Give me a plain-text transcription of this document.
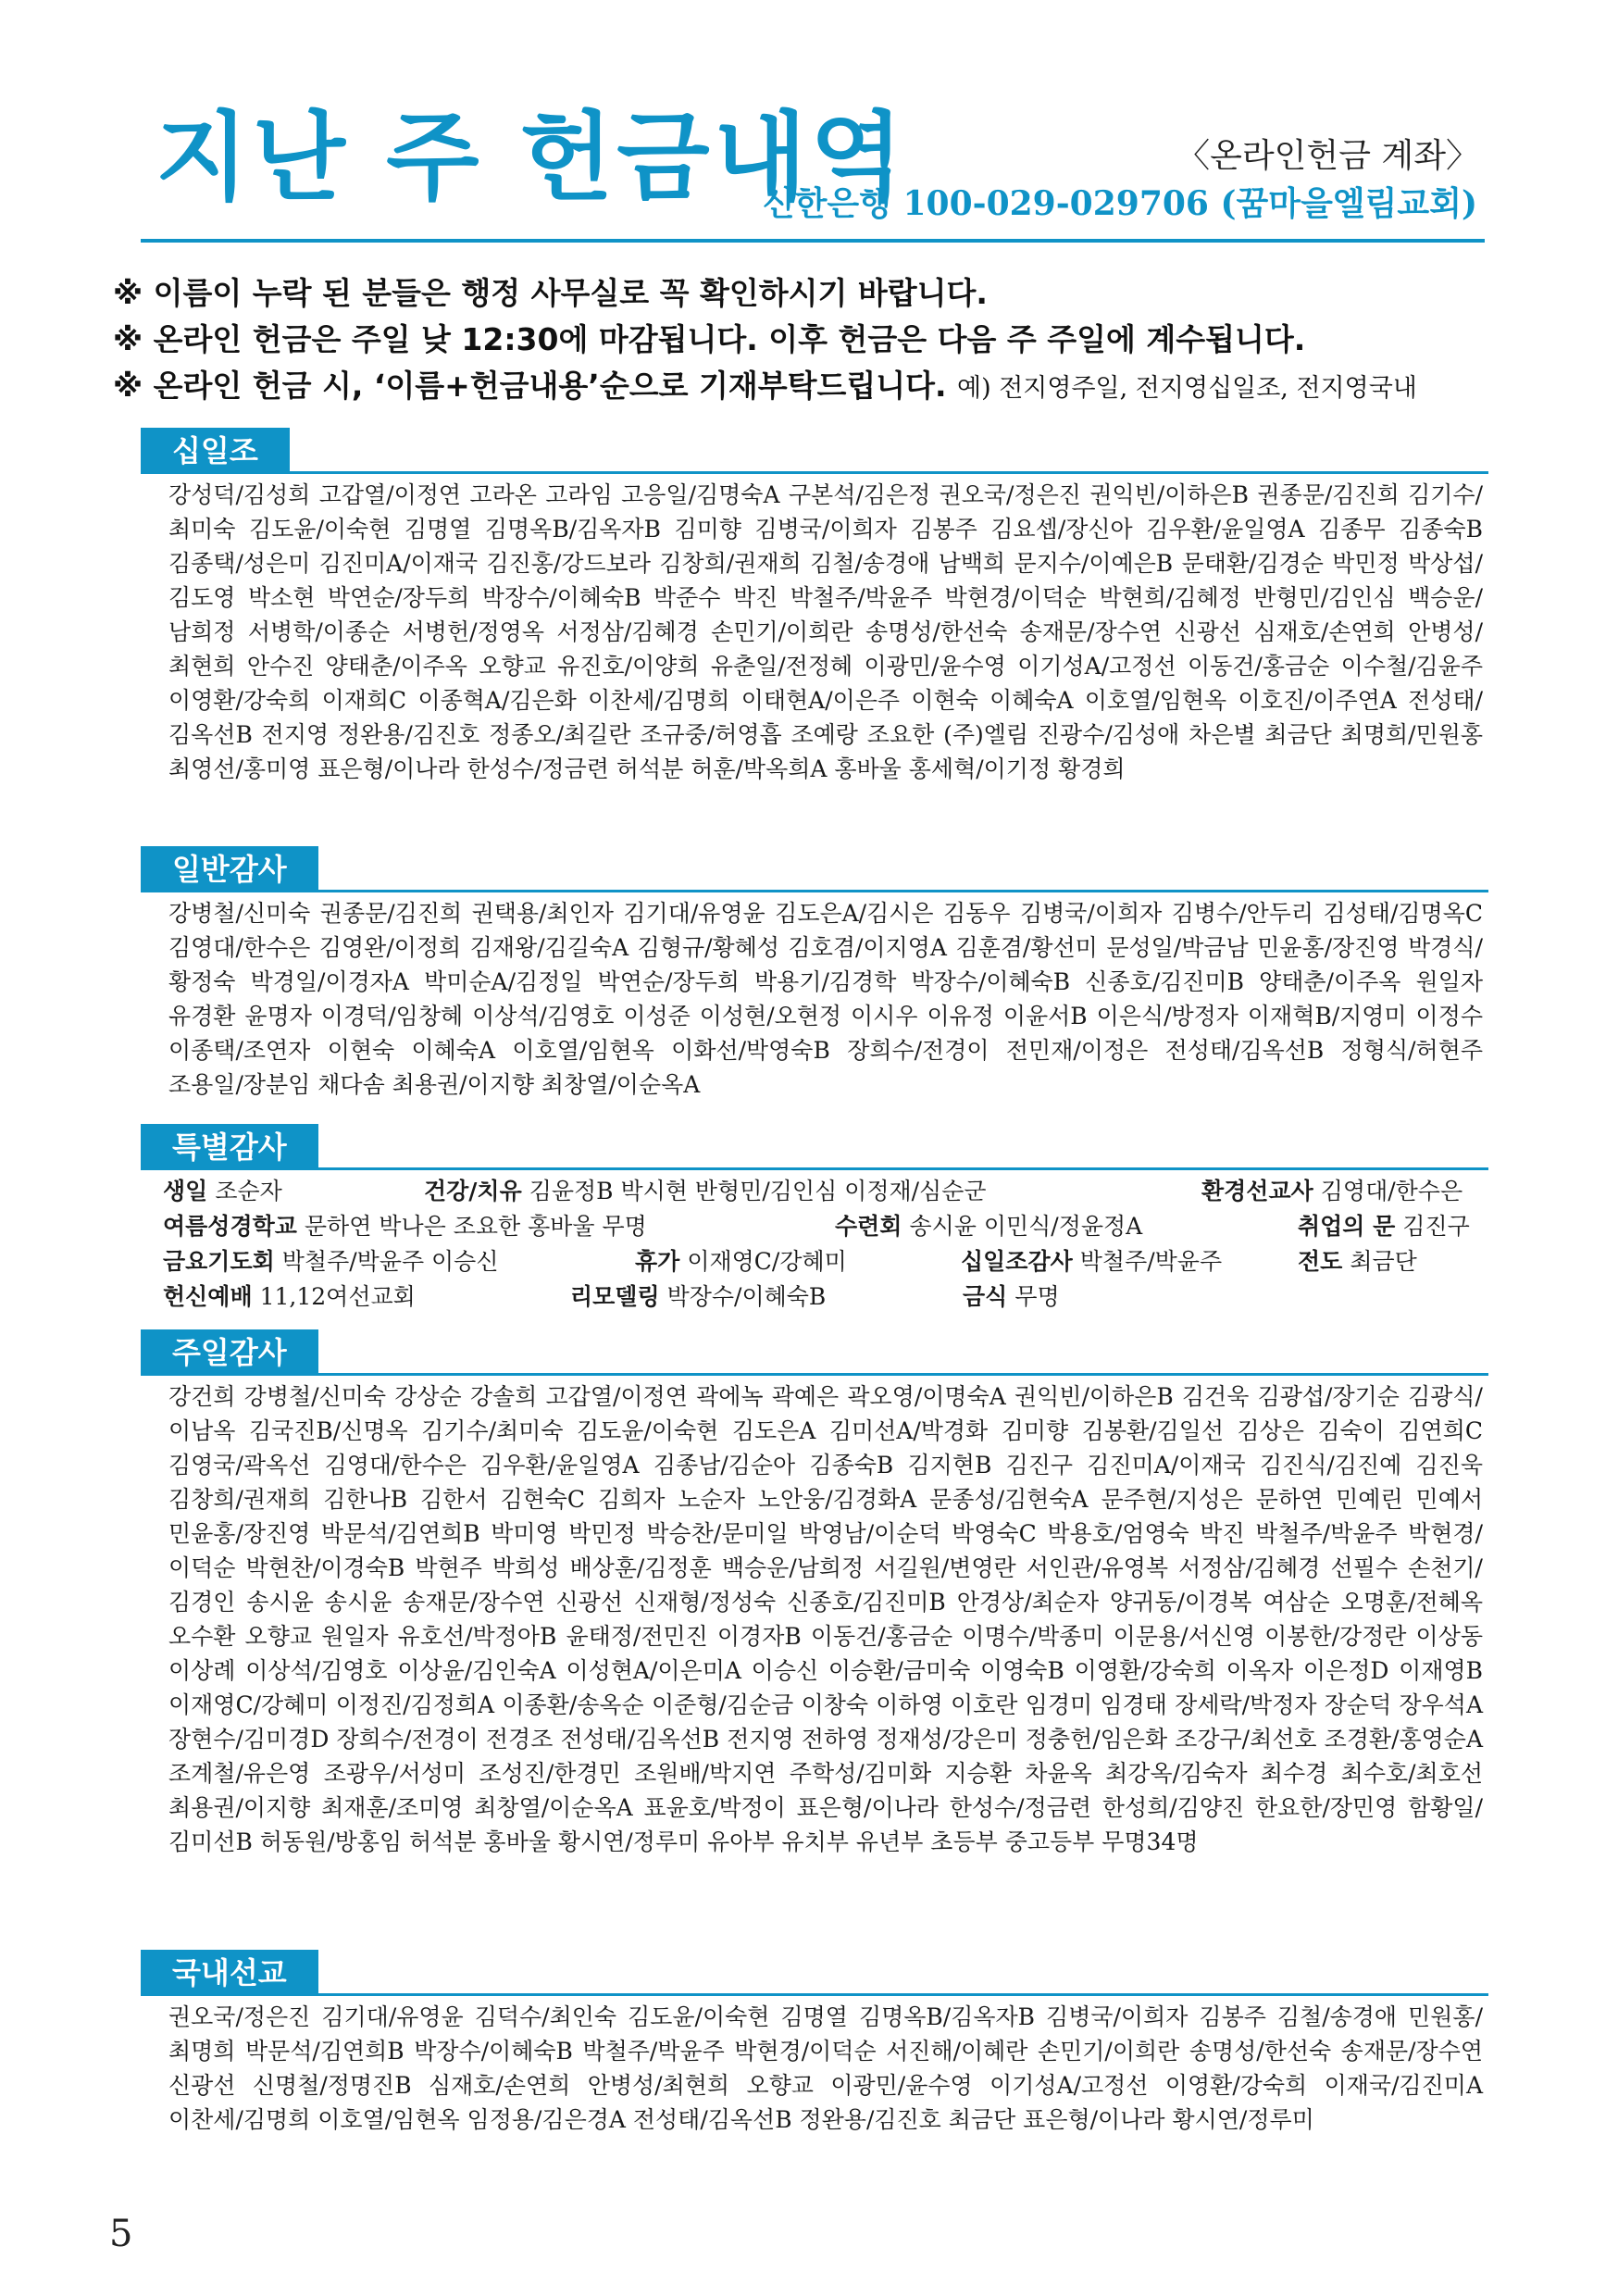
지난 주 헌금내역	〈온라인헌금 계좌〉
신한은행 100-029-029706 (꿈마을엘림교회)
※ 이름이 누락 된 분들은 행정 사무실로 꼭 확인하시기 바랍니다.
※ 온라인 헌금은 주일 낮 12:30에 마감됩니다. 이후 헌금은 다음 주 주일에 계수됩니다.
※ 온라인 헌금 시, ‘이름+헌금내용’순으로 기재부탁드립니다. 예) 전지영주일, 전지영십일조, 전지영국내
십일조
강성덕/김성희 고갑열/이정연 고라온 고라임 고응일/김명숙A 구본석/김은정 권오국/정은진 권익빈/이하은B 권종문/김진희 김기수/최미숙 김도윤/이숙현 김명열 김명옥B/김옥자B 김미향 김병국/이희자 김봉주 김요셉/장신아 김우환/윤일영A 김종무 김종숙B 김종택/성은미 김진미A/이재국 김진홍/강드보라 김창희/권재희 김철/송경애 남백희 문지수/이예은B 문태환/김경순 박민정 박상섭/김도영 박소현 박연순/장두희 박장수/이혜숙B 박준수 박진 박철주/박윤주 박현경/이덕순 박현희/김혜정 반형민/김인심 백승운/남희정 서병학/이종순 서병헌/정영옥 서정삼/김혜경 손민기/이희란 송명성/한선숙 송재문/장수연 신광선 심재호/손연희 안병성/최현희 안수진 양태춘/이주옥 오향교 유진호/이양희 유춘일/전정혜 이광민/윤수영 이기성A/고정선 이동건/홍금순 이수철/김윤주 이영환/강숙희 이재희C 이종혁A/김은화 이찬세/김명희 이태현A/이은주 이현숙 이혜숙A 이호열/임현옥 이호진/이주연A 전성태/김옥선B 전지영 정완용/김진호 정종오/최길란 조규중/허영흡 조예랑 조요한 (주)엘림 진광수/김성애 차은별 최금단 최명희/민원홍 최영선/홍미영 표은형/이나라 한성수/정금련 허석분 허훈/박옥희A 홍바울 홍세혁/이기정 황경희
일반감사
강병철/신미숙 권종문/김진희 권택용/최인자 김기대/유영윤 김도은A/김시은 김동우 김병국/이희자 김병수/안두리 김성태/김명옥C 김영대/한수은 김영완/이정희 김재왕/김길숙A 김형규/황혜성 김호겸/이지영A 김훈겸/황선미 문성일/박금남 민윤홍/장진영 박경식/황정숙 박경일/이경자A 박미순A/김정일 박연순/장두희 박용기/김경학 박장수/이혜숙B 신종호/김진미B 양태춘/이주옥 원일자 유경환 윤명자 이경덕/임창혜 이상석/김영호 이성준 이성현/오현정 이시우 이유정 이윤서B 이은식/방정자 이재혁B/지영미 이정수 이종택/조연자 이현숙 이혜숙A 이호열/임현옥 이화선/박영숙B 장희수/전경이 전민재/이정은 전성태/김옥선B 정형식/허현주 조용일/장분임 채다솜 최용권/이지향 최창열/이순옥A
특별감사
생일 조순자	건강/치유 김윤정B 박시현 반형민/김인심 이정재/심순군	환경선교사 김영대/한수은
여름성경학교 문하연 박나은 조요한 홍바울 무명	수련회 송시윤 이민식/정윤정A	취업의 문 김진구
금요기도회 박철주/박윤주 이승신	휴가 이재영C/강혜미	십일조감사 박철주/박윤주	전도 최금단
헌신예배 11,12여선교회	리모델링 박장수/이혜숙B	금식 무명
주일감사
강건희 강병철/신미숙 강상순 강솔희 고갑열/이정연 곽에녹 곽예은 곽오영/이명숙A 권익빈/이하은B 김건욱 김광섭/장기순 김광식/이남옥 김국진B/신명옥 김기수/최미숙 김도윤/이숙현 김도은A 김미선A/박경화 김미향 김봉환/김일선 김상은 김숙이 김연희C 김영국/곽옥선 김영대/한수은 김우환/윤일영A 김종남/김순아 김종숙B 김지현B 김진구 김진미A/이재국 김진식/김진예 김진욱 김창희/권재희 김한나B 김한서 김현숙C 김희자 노순자 노안웅/김경화A 문종성/김현숙A 문주현/지성은 문하연 민예린 민예서 민윤홍/장진영 박문석/김연희B 박미영 박민정 박승찬/문미일 박영남/이순덕 박영숙C 박용호/엄영숙 박진 박철주/박윤주 박현경/이덕순 박현찬/이경숙B 박현주 박희성 배상훈/김정훈 백승운/남희정 서길원/변영란 서인관/유영복 서정삼/김혜경 선필수 손천기/김경인 송시윤 송시윤 송재문/장수연 신광선 신재형/정성숙 신종호/김진미B 안경상/최순자 양귀동/이경복 여삼순 오명훈/전혜옥 오수환 오향교 원일자 유호선/박정아B 윤태정/전민진 이경자B 이동건/홍금순 이명수/박종미 이문용/서신영 이봉한/강정란 이상동 이상례 이상석/김영호 이상윤/김인숙A 이성현A/이은미A 이승신 이승환/금미숙 이영숙B 이영환/강숙희 이옥자 이은정D 이재영B 이재영C/강혜미 이정진/김정희A 이종환/송옥순 이준형/김순금 이창숙 이하영 이호란 임경미 임경태 장세락/박정자 장순덕 장우석A 장현수/김미경D 장희수/전경이 전경조 전성태/김옥선B 전지영 전하영 정재성/강은미 정충헌/임은화 조강구/최선호 조경환/홍영순A 조계철/유은영 조광우/서성미 조성진/한경민 조원배/박지연 주학성/김미화 지승환 차윤옥 최강옥/김숙자 최수경 최수호/최호선 최용권/이지향 최재훈/조미영 최창열/이순옥A 표윤호/박정이 표은형/이나라 한성수/정금련 한성희/김양진 한요한/장민영 함황일/김미선B 허동원/방홍임 허석분 홍바울 황시연/정루미 유아부 유치부 유년부 초등부 중고등부 무명34명
국내선교
권오국/정은진 김기대/유영윤 김덕수/최인숙 김도윤/이숙현 김명열 김명옥B/김옥자B 김병국/이희자 김봉주 김철/송경애 민원홍/최명희 박문석/김연희B 박장수/이혜숙B 박철주/박윤주 박현경/이덕순 서진해/이혜란 손민기/이희란 송명성/한선숙 송재문/장수연 신광선 신명철/정명진B 심재호/손연희 안병성/최현희 오향교 이광민/윤수영 이기성A/고정선 이영환/강숙희 이재국/김진미A 이찬세/김명희 이호열/임현옥 임정용/김은경A 전성태/김옥선B 정완용/김진호 최금단 표은형/이나라 황시연/정루미
5
